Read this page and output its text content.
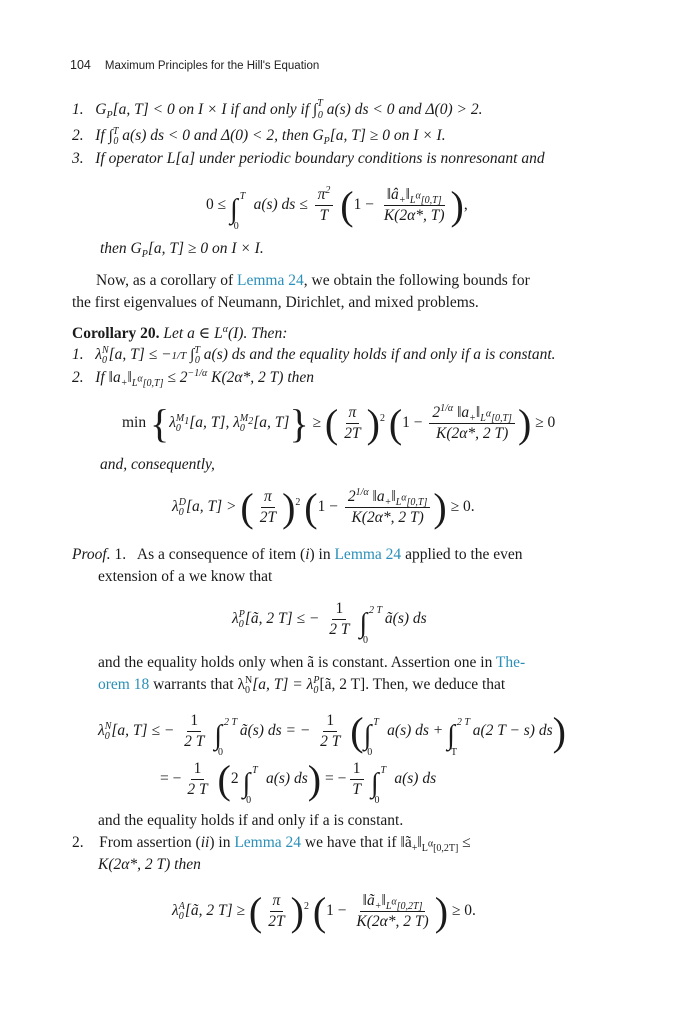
104 Maximum Principles for the Hill's Equation
1. $G_P[a$, T] < 0 on I × I if and only if ∫$^T_0$ a(s) ds < 0 and Δ(0) > 2.
2. If ∫$^T_0$ a(s) ds < 0 and Δ(0) < 2, then $G_P[a$, T] ≥ 0 on I × I.
3. If operator L[a] under periodic boundary conditions is nonresonant and
0 ≤ ∫ T
0
a(s) ds ≤ $\frac{\pi^2}{T} (1 - \frac{‖â_+‖_{L^\alpha[0,T]}}{K(2\alpha*, T)}$ ),
then $G_P[a$, T] ≥ 0 on I × I.
Now, as a corollary of Lemma 24, we obtain the following bounds for
the first eigenvalues of Neumann, Dirichlet, and mixed problems.
Corollary 20. Let a ∈ $L^\alpha(I)$. Then:
1.   $\lambda_0^N[a$, T] ≤ −1/T ∫$^T_0$ a(s) ds and the equality holds if and only if a is constant.
2. If $‖a_+‖_{L^\alpha[0,T]} \le 2^{-1/\alpha}$ K(2α*, 2 T) then
$\min \{\lambda_0^{M_1}[a$, T], $\lambda_0^{M_2}[a$, T]} ≥ ( $\frac{\pi}{2T} )^2$ ($1 - \frac{2^{1/\alpha} ‖a_+‖_{L^\alpha[0,T]}}{K(2\alpha*, 2 T)}$ ) ≥ 0
and, consequently,
$\lambda_0^D[a$, T] > ( $\frac{\pi}{2T} )^2$ ($1 - \frac{2^{1/\alpha} ‖a_+‖_{L^\alpha[0,T]}}{K(2\alpha*, 2 T)}$ ) ≥ 0.
Proof. 1. As a consequence of item (i) in Lemma 24 applied to the even
extension of a we know that
$\lambda_0^P[ã$, 2 T] ≤ − $\frac{1}{2 T}$ ∫ 2 T
0
ã(s) ds
and the equality holds only when ã is constant. Assertion one in The-
orem 18 warrants that $\lambda_0^N[a$, $T] = \lambda_0^P[ã$, 2 T]. Then, we deduce that
$\lambda_0^N[a$, T] ≤ − $\frac{1}{2 T}$ ∫ 2 T
0
ã(s) ds = − $\frac{1}{2 T}$ (∫ T
0
a(s) ds + ∫ 2 T
T
a(2 T − s) ds)
= − $\frac{1}{2 T} (2$ ∫ T
0
a(s) ds) = − $\frac{1}{T}$ ∫ T
0
a(s) ds
and the equality holds if and only if a is constant.
2. From assertion (ii) in Lemma 24 we have that if $‖ã_+‖_{L^\alpha[0,2T]}$ ≤
K(2α*, 2 T) then
$\lambda_0^A[ã$, 2 T] ≥ ( $\frac{\pi}{2T} )^2$ ($1 - \frac{‖ã_+‖_{L^\alpha[0,2T]}}{K(2\alpha*, 2 T)}$ ) ≥ 0.
